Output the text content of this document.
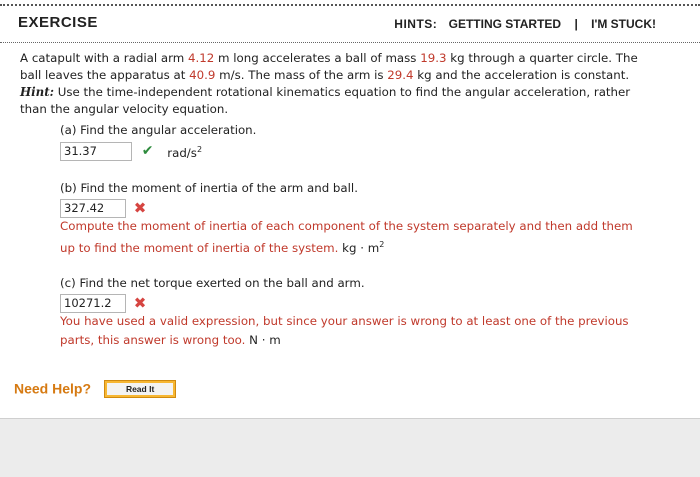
EXERCISE	HINTS: GETTING STARTED | I'M STUCK!
A catapult with a radial arm 4.12 m long accelerates a ball of mass 19.3 kg through a quarter circle. The ball leaves the apparatus at 40.9 m/s. The mass of the arm is 29.4 kg and the acceleration is constant.
Hint: Use the time-independent rotational kinematics equation to find the angular acceleration, rather than the angular velocity equation.
(a) Find the angular acceleration.
31.37	✔ rad/$s^2$
(b) Find the moment of inertia of the arm and ball.
327.42 ✖
Compute the moment of inertia of each component of the system separately and then add them up to find the moment of inertia of the system. kg · $m^2$
(c) Find the net torque exerted on the ball and arm.
10271.2 ✖
You have used a valid expression, but since your answer is wrong to at least one of the previous parts, this answer is wrong too. N · m
Need Help?	Read It
